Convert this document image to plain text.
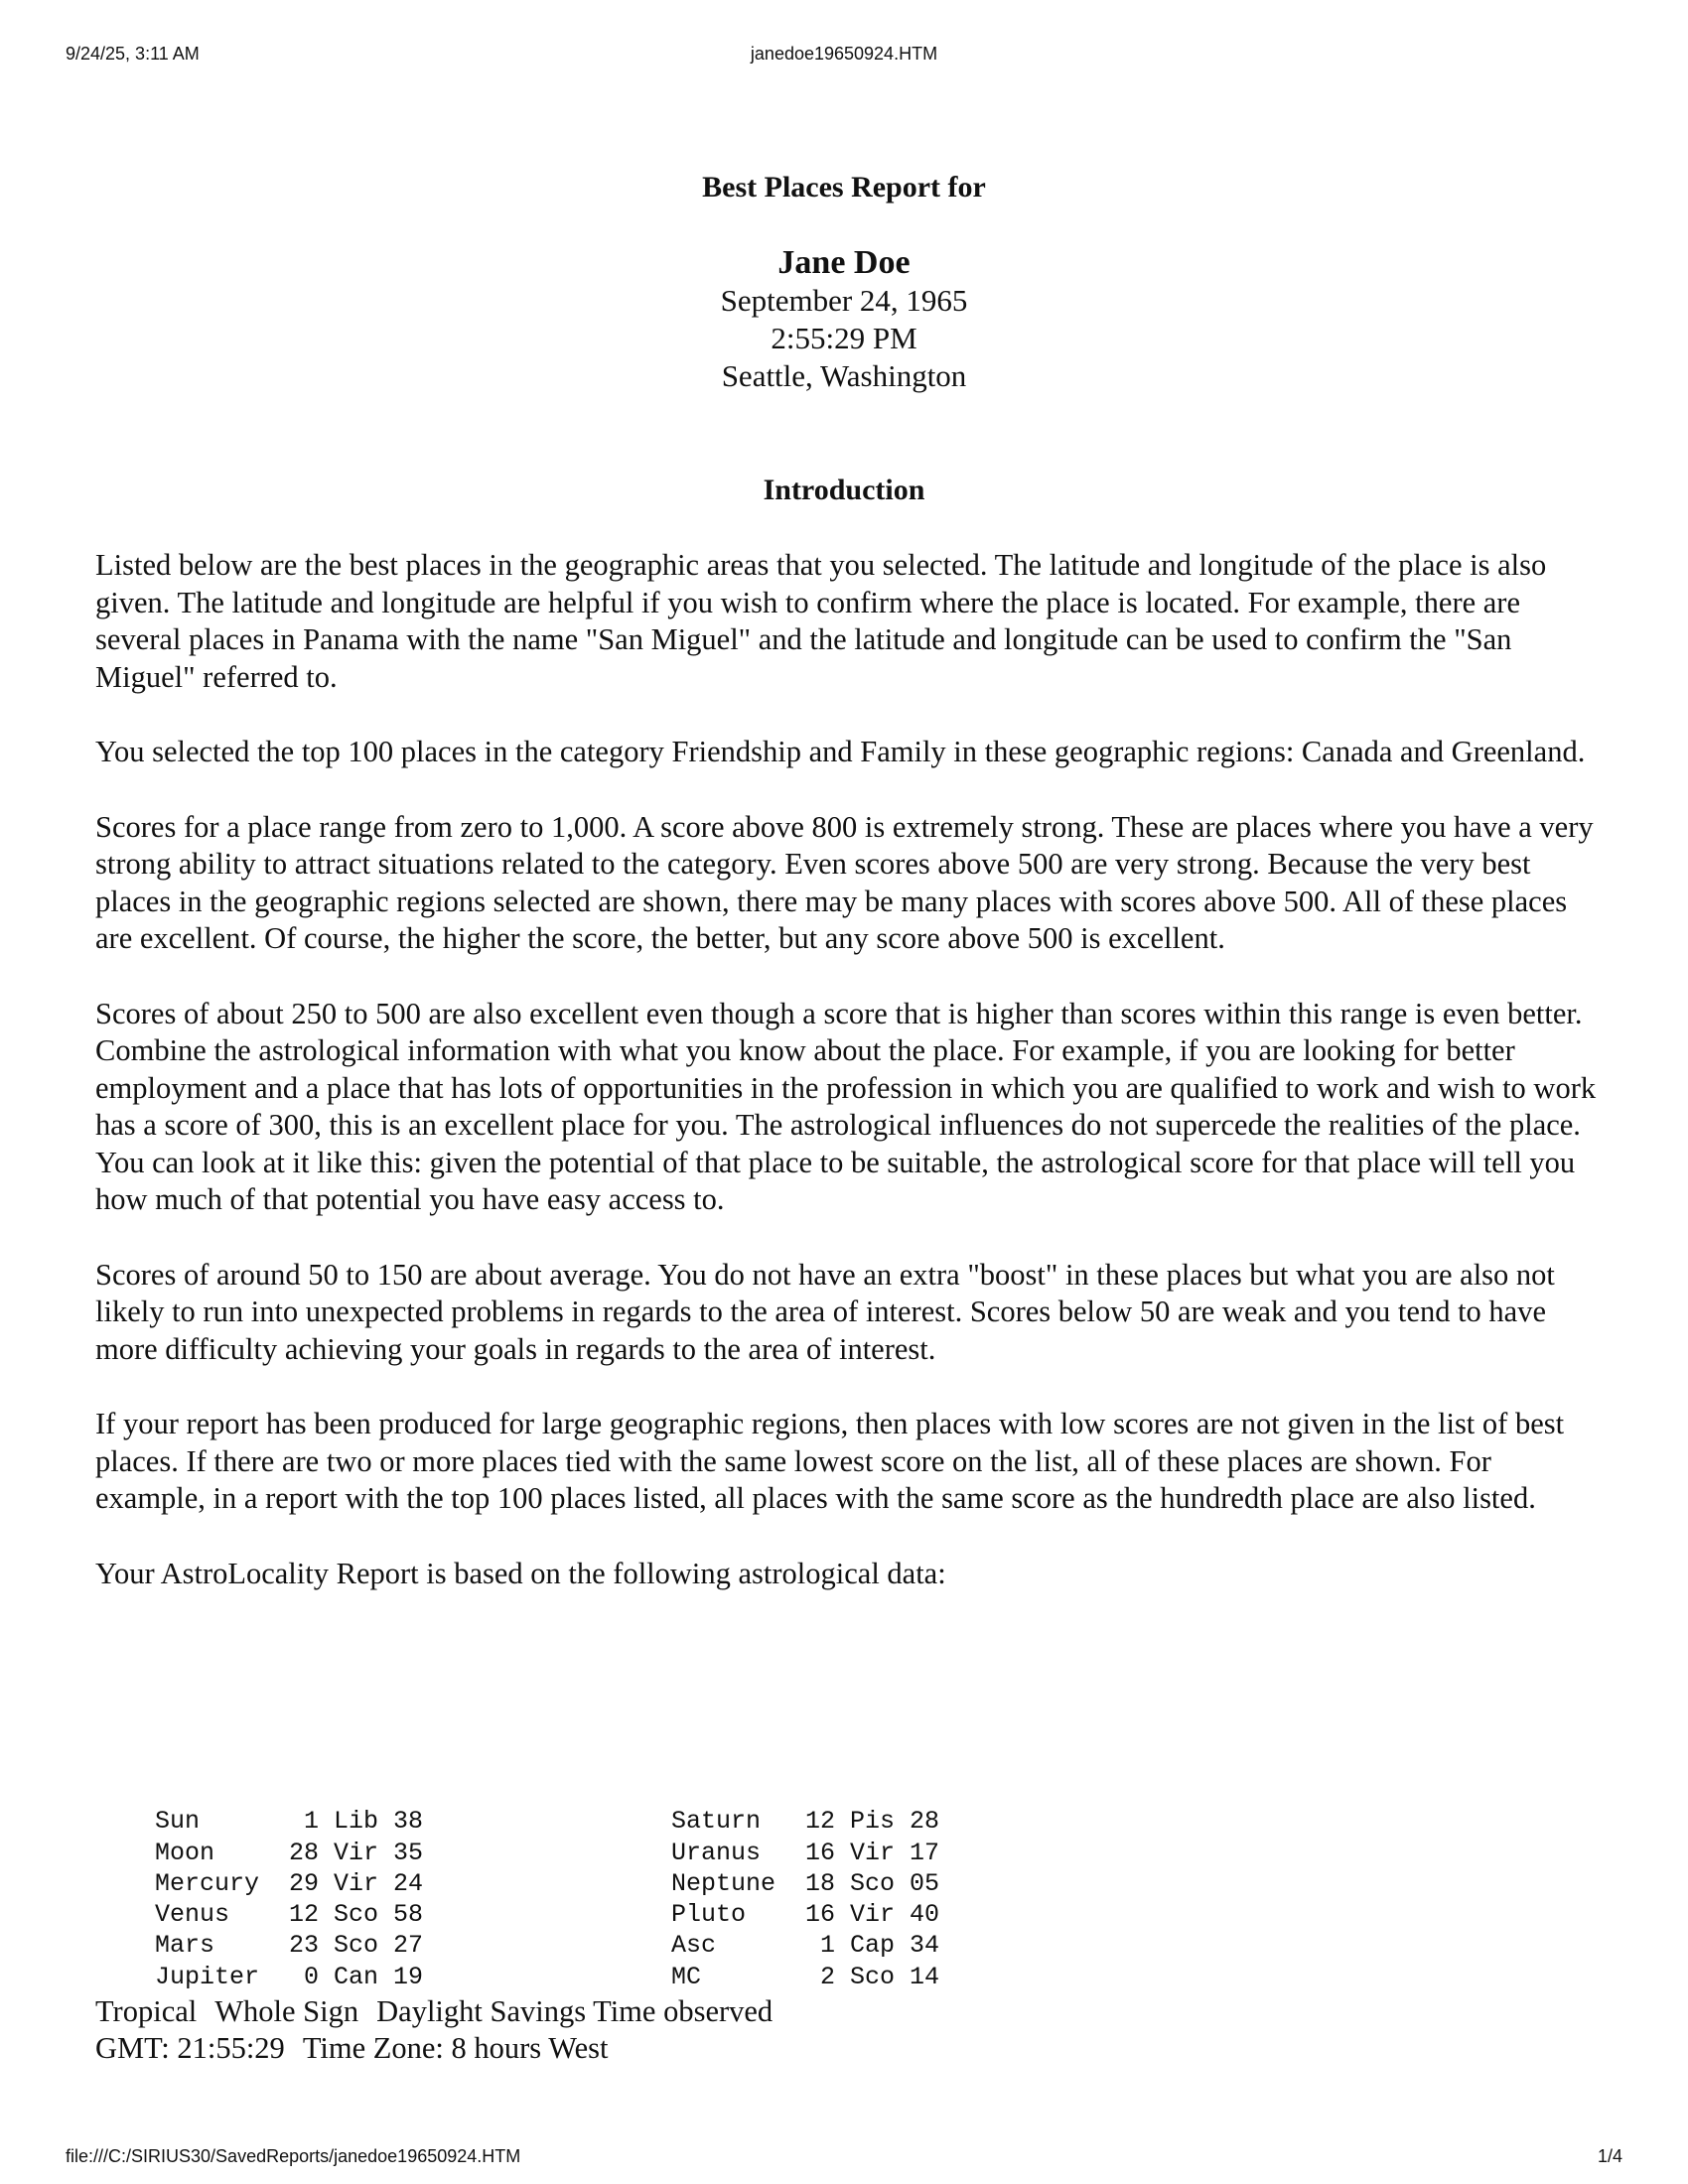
9/24/25, 3:11 AM	janedoe19650924.HTM
Best Places Report for
Jane Doe
September 24, 1965
2:55:29 PM
Seattle, Washington
Introduction

Listed below are the best places in the geographic areas that you selected. The latitude and longitude of the place is also given. The latitude and longitude are helpful if you wish to confirm where the place is located. For example, there are several places in Panama with the name "San Miguel" and the latitude and longitude can be used to confirm the "San Miguel" referred to.

You selected the top 100 places in the category Friendship and Family in these geographic regions: Canada and Greenland.

Scores for a place range from zero to 1,000. A score above 800 is extremely strong. These are places where you have a very strong ability to attract situations related to the category. Even scores above 500 are very strong. Because the very best places in the geographic regions selected are shown, there may be many places with scores above 500. All of these places are excellent. Of course, the higher the score, the better, but any score above 500 is excellent.

Scores of about 250 to 500 are also excellent even though a score that is higher than scores within this range is even better. Combine the astrological information with what you know about the place. For example, if you are looking for better employment and a place that has lots of opportunities in the profession in which you are qualified to work and wish to work has a score of 300, this is an excellent place for you. The astrological influences do not supercede the realities of the place. You can look at it like this: given the potential of that place to be suitable, the astrological score for that place will tell you how much of that potential you have easy access to.

Scores of around 50 to 150 are about average. You do not have an extra "boost" in these places but what you are also not likely to run into unexpected problems in regards to the area of interest. Scores below 50 are weak and you tend to have more difficulty achieving your goals in regards to the area of interest.

If your report has been produced for large geographic regions, then places with low scores are not given in the list of best places. If there are two or more places tied with the same lowest score on the list, all of these places are shown. For example, in a report with the top 100 places listed, all places with the same score as the hundredth place are also listed.

Your AstroLocality Report is based on the following astrological data:

Sun	1 Lib 38	Saturn 12 Pis 28

Moon	28 Vir 35	Uranus 16 Vir 17

Mercury 29 Vir 24	Neptune 18 Sco 05

Venus 12 Sco 58	Pluto 16 Vir 40

Mars	23 Sco 27	Asc	1 Cap 34

Jupiter 0 Can 19	MC	2 Sco 14

Tropical Whole Sign Daylight Savings Time observed
GMT: 21:55:29 Time Zone: 8 hours West
file:///C:/SIRIUS30/SavedReports/janedoe19650924.HTM	1/4
